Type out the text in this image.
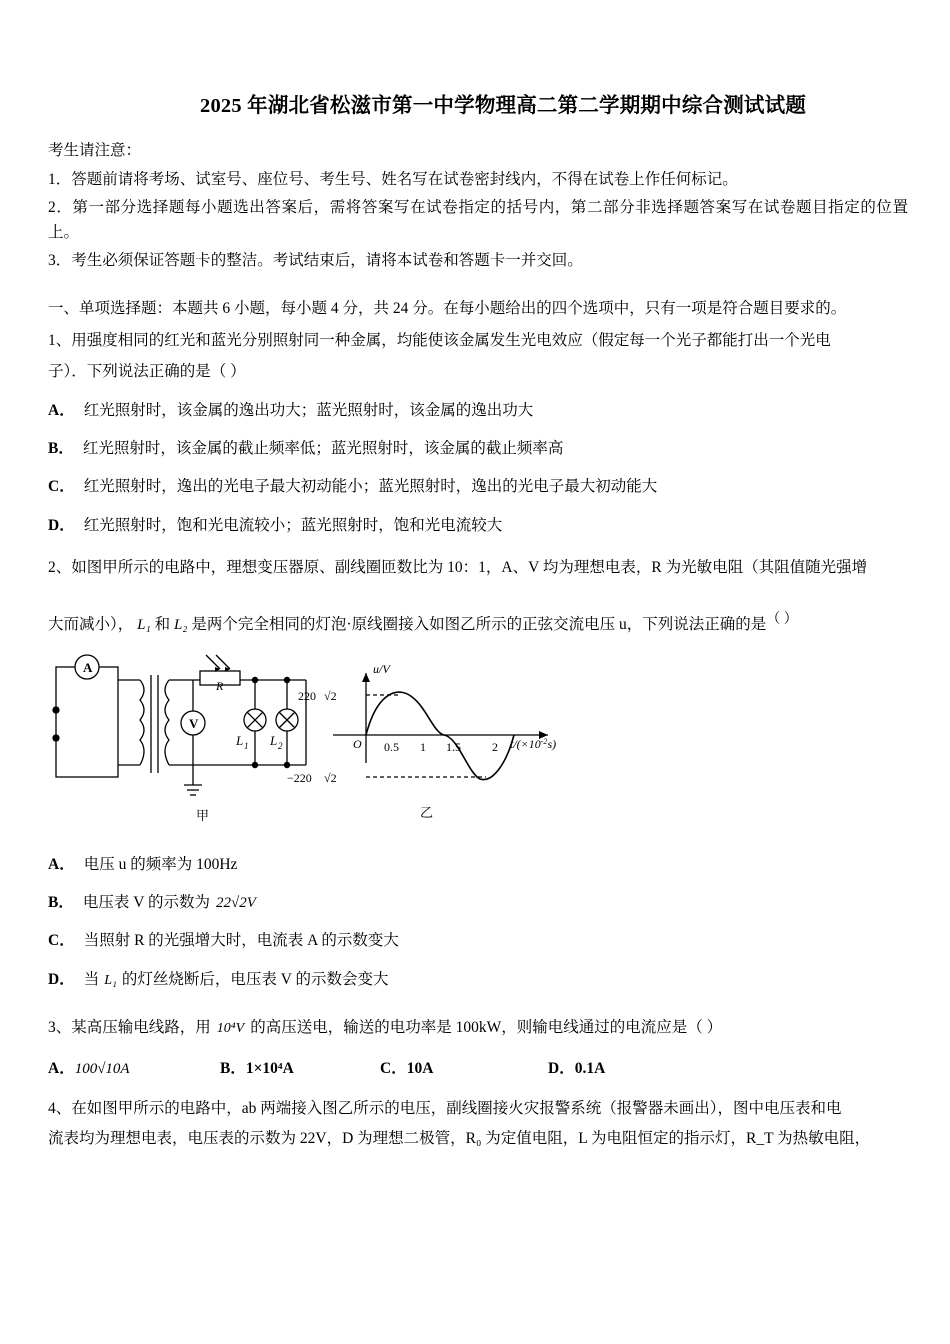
2025 年湖北省松滋市第一中学物理高二第二学期期中综合测试试题
考生请注意：
1．答题前请将考场、试室号、座位号、考生号、姓名写在试卷密封线内，不得在试卷上作任何标记。
2．第一部分选择题每小题选出答案后，需将答案写在试卷指定的括号内，第二部分非选择题答案写在试卷题目指定的位置上。
3．考生必须保证答题卡的整洁。考试结束后，请将本试卷和答题卡一并交回。
一、单项选择题：本题共 6 小题，每小题 4 分，共 24 分。在每小题给出的四个选项中，只有一项是符合题目要求的。
1、用强度相同的红光和蓝光分别照射同一种金属，均能使该金属发生光电效应（假定每一个光子都能打出一个光电
子）．下列说法正确的是（ ）
A． 红光照射时，该金属的逸出功大；蓝光照射时，该金属的逸出功大
B． 红光照射时，该金属的截止频率低；蓝光照射时，该金属的截止频率高
C． 红光照射时，逸出的光电子最大初动能小；蓝光照射时，逸出的光电子最大初动能大
D． 红光照射时，饱和光电流较小；蓝光照射时，饱和光电流较大
2、如图甲所示的电路中，理想变压器原、副线圈匝数比为 10：1，A、V 均为理想电表，R 为光敏电阻（其阻值随光强增
大而减小）， L₁ 和 L₂ 是两个完全相同的灯泡·原线圈接入如图乙所示的正弦交流电压 u，下列说法正确的是（ ）
A
V
R
L 1 L 2
u/V
220 √2
−220 √2
O 0.5 1 1.5	2 $t/(\times 10^{-2}s)$
甲	乙
A． 电压 u 的频率为 100Hz
B． 电压表 V 的示数为 22√2V
C． 当照射 R 的光强增大时，电流表 A 的示数变大
D． 当 L₁ 的灯丝烧断后，电压表 V 的示数会变大
3、某高压输电线路，用 10⁴V 的高压送电，输送的电功率是 100kW，则输电线通过的电流应是（ ）
A．100√10A	B．1×10⁴A	C．10A	D．0.1A
4、在如图甲所示的电路中，ab 两端接入图乙所示的电压，副线圈接火灾报警系统（报警器未画出），图中电压表和电
流表均为理想电表，电压表的示数为 22V，D 为理想二极管，R₀ 为定值电阻，L 为电阻恒定的指示灯，R_T 为热敏电阻，
